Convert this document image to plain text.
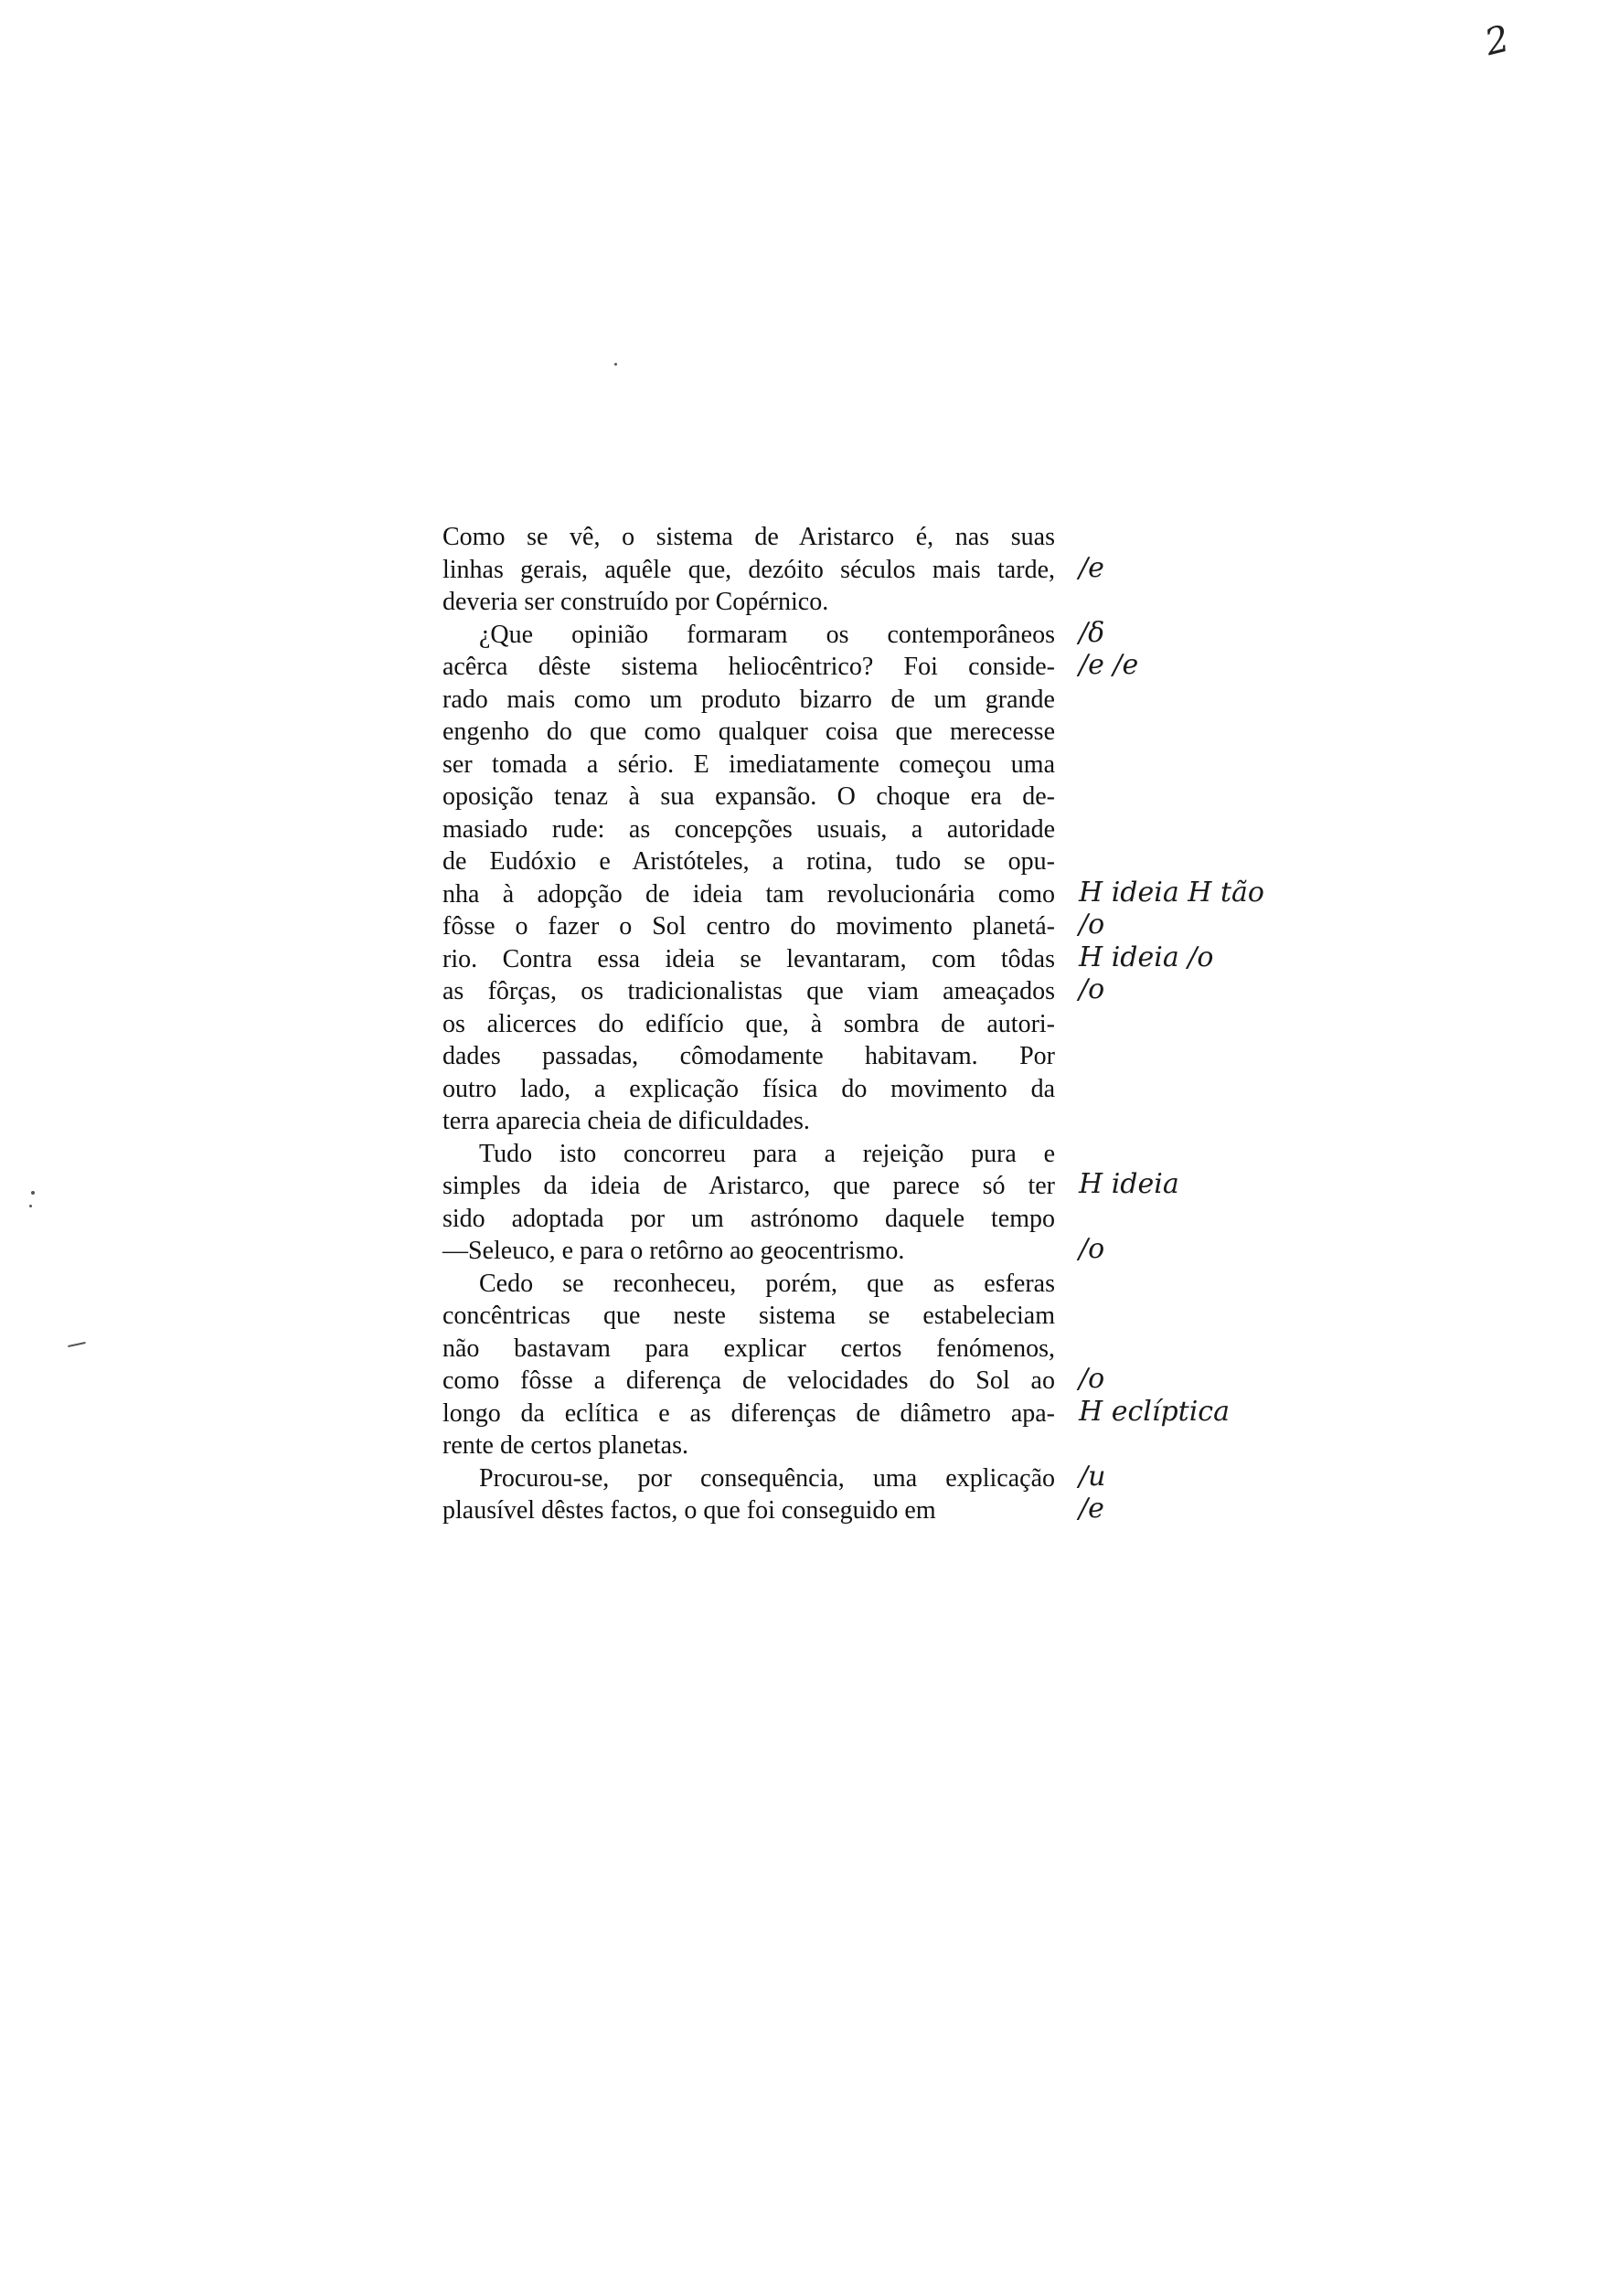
2
Como se vê, o sistema de Aristarco é, nas suas
linhas gerais, aquêle que, dezóito séculos mais tarde,
deveria ser construído por Copérnico.
¿Que opinião formaram os contemporâneos
acêrca dêste sistema heliocêntrico? Foi conside-
rado mais como um produto bizarro de um grande
engenho do que como qualquer coisa que merecesse
ser tomada a sério. E imediatamente começou uma
oposição tenaz à sua expansão. O choque era de-
masiado rude: as concepções usuais, a autoridade
de Eudóxio e Aristóteles, a rotina, tudo se opu-
nha à adopção de ideia tam revolucionária como
fôsse o fazer o Sol centro do movimento planetá-
rio. Contra essa ideia se levantaram, com tôdas
as fôrças, os tradicionalistas que viam ameaçados
os alicerces do edifício que, à sombra de autori-
dades passadas, cômodamente habitavam. Por
outro lado, a explicação física do movimento da
terra aparecia cheia de dificuldades.
Tudo isto concorreu para a rejeição pura e
simples da ideia de Aristarco, que parece só ter
sido adoptada por um astrónomo daquele tempo
—Seleuco, e para o retôrno ao geocentrismo.
Cedo se reconheceu, porém, que as esferas
concêntricas que neste sistema se estabeleciam
não bastavam para explicar certos fenómenos,
como fôsse a diferença de velocidades do Sol ao
longo da eclítica e as diferenças de diâmetro apa-
rente de certos planetas.
Procurou-se, por consequência, uma explicação
plausível dêstes factos, o que foi conseguido em
/e
/δ
/e /e
H ideia H tão
/o
H ideia /o
/o
H ideia
/o
/o
H eclíptica
/u
/e
